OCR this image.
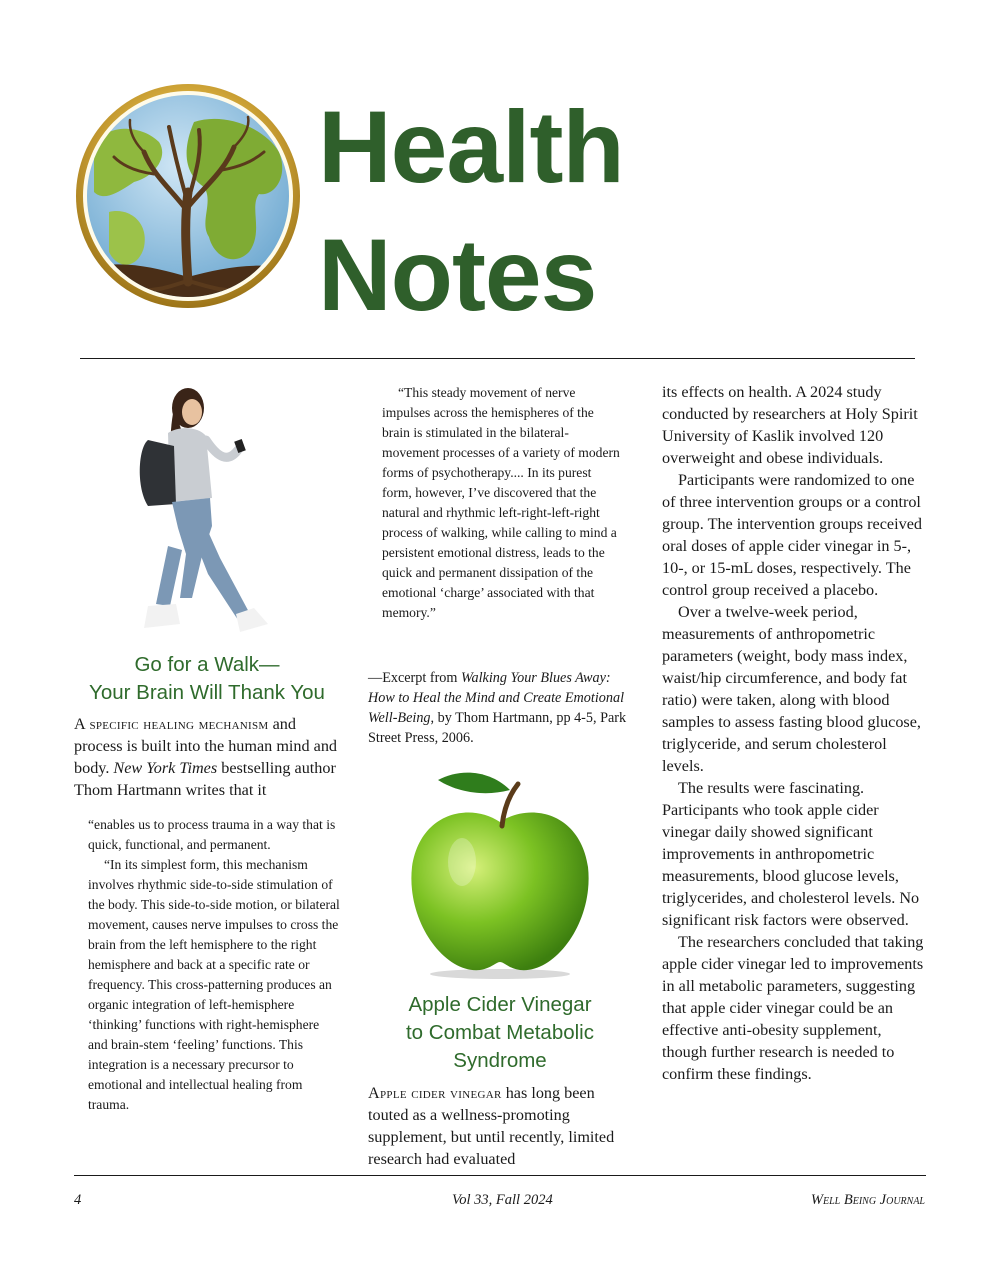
Health
Notes
Go for a Walk—
Your Brain Will Thank You

A specific healing mechanism and process is built into the human mind and body. New York Times bestselling author Thom Hartmann writes that it

“enables us to process trauma in a way that is quick, functional, and permanent.

“In its simplest form, this mechanism involves rhythmic side-to-side stimulation of the body. This side-to-side motion, or bilateral movement, causes nerve impulses to cross the brain from the left hemisphere to the right hemisphere and back at a specific rate or frequency. This cross-patterning produces an organic integration of left-hemisphere ‘thinking’ functions with right-hemisphere and brain-stem ‘feeling’ functions. This integration is a necessary precursor to emotional and intellectual healing from trauma.

“This steady movement of nerve impulses across the hemispheres of the brain is stimulated in the bilateral-movement processes of a variety of modern forms of psychotherapy.... In its purest form, however, I’ve discovered that the natural and rhythmic left-right-left-right process of walking, while calling to mind a persistent emotional distress, leads to the quick and permanent dissipation of the emotional ‘charge’ associated with that memory.”

—Excerpt from Walking Your Blues Away: How to Heal the Mind and Create Emotional Well-Being, by Thom Hartmann, pp 4-5, Park Street Press, 2006.
Apple Cider Vinegar
to Combat Metabolic
Syndrome

Apple cider vinegar has long been touted as a wellness-promoting supplement, but until recently, limited research had evaluated

its effects on health. A 2024 study conducted by researchers at Holy Spirit University of Kaslik involved 120 overweight and obese individuals.

Participants were randomized to one of three intervention groups or a control group. The intervention groups received oral doses of apple cider vinegar in 5-, 10-, or 15-mL doses, respectively. The control group received a placebo.

Over a twelve-week period, measurements of anthropometric parameters (weight, body mass index, waist/hip circumference, and body fat ratio) were taken, along with blood samples to assess fasting blood glucose, triglyceride, and serum cholesterol levels.

The results were fascinating. Participants who took apple cider vinegar daily showed significant improvements in anthropometric measurements, blood glucose levels, triglycerides, and cholesterol levels. No significant risk factors were observed.

The researchers concluded that taking apple cider vinegar led to improvements in all metabolic parameters, suggesting that apple cider vinegar could be an effective anti-obesity supplement, though further research is needed to confirm these findings.

4	Vol 33, Fall 2024	Well Being Journal
